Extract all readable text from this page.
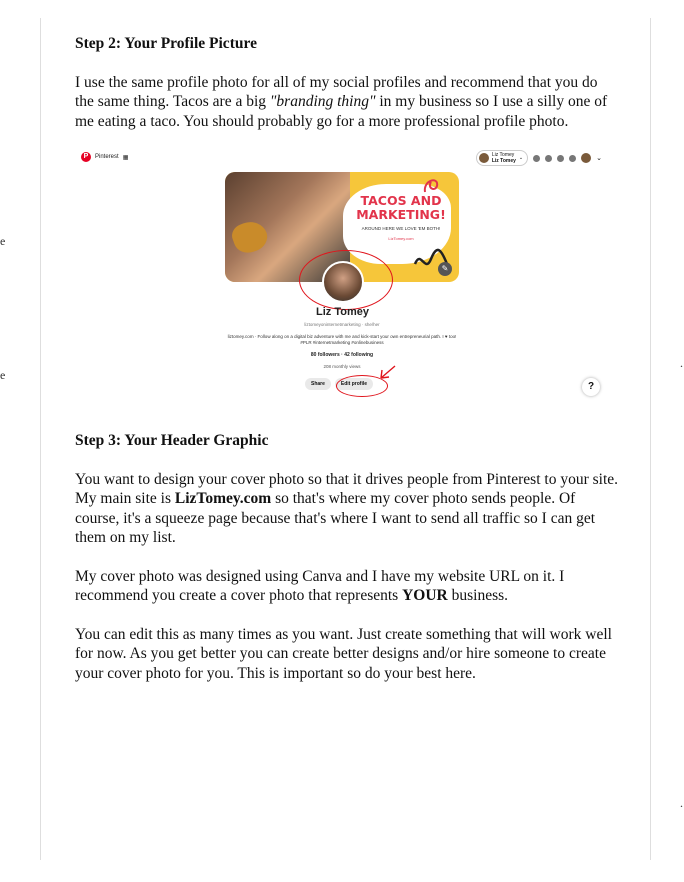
e
e
.
.

Step 2: Your Profile Picture

I use the same profile photo for all of my social profiles and recommend that you do the same thing. Tacos are a big "branding thing" in my business so I use a silly one of me eating a taco. You should probably go for a more professional profile photo.

Step 3: Your Header Graphic

You want to design your cover photo so that it drives people from Pinterest to your site. My main site is LizTomey.com so that's where my cover photo sends people. Of course, it's a squeeze page because that's where I want to send all traffic so I can get them on my list.

My cover photo was designed using Canva and I have my website URL on it. I recommend you create a cover photo that represents YOUR business.

You can edit this as many times as you want. Just create something that will work well for now. As you get better you can create better designs and/or hire someone to create your cover photo for you. This is important so do your best here.

P	Pinterest ▦	Liz Tomey
Liz Tomey ⌄	⌄
TACOS AND MARKETING!
AROUND HERE WE LOVE 'EM BOTH!
LizTomey.com
✎
Liz Tomey
liztomeyoninternetmarketing · she/her
liztomey.com · Follow along on a digital biz adventure with me and kick-start your own entrepreneurial path. I ♥ too! #PLR #internetmarketing #onlinebusiness
80 followers · 42 following
208 monthly views
Share	Edit profile	?
